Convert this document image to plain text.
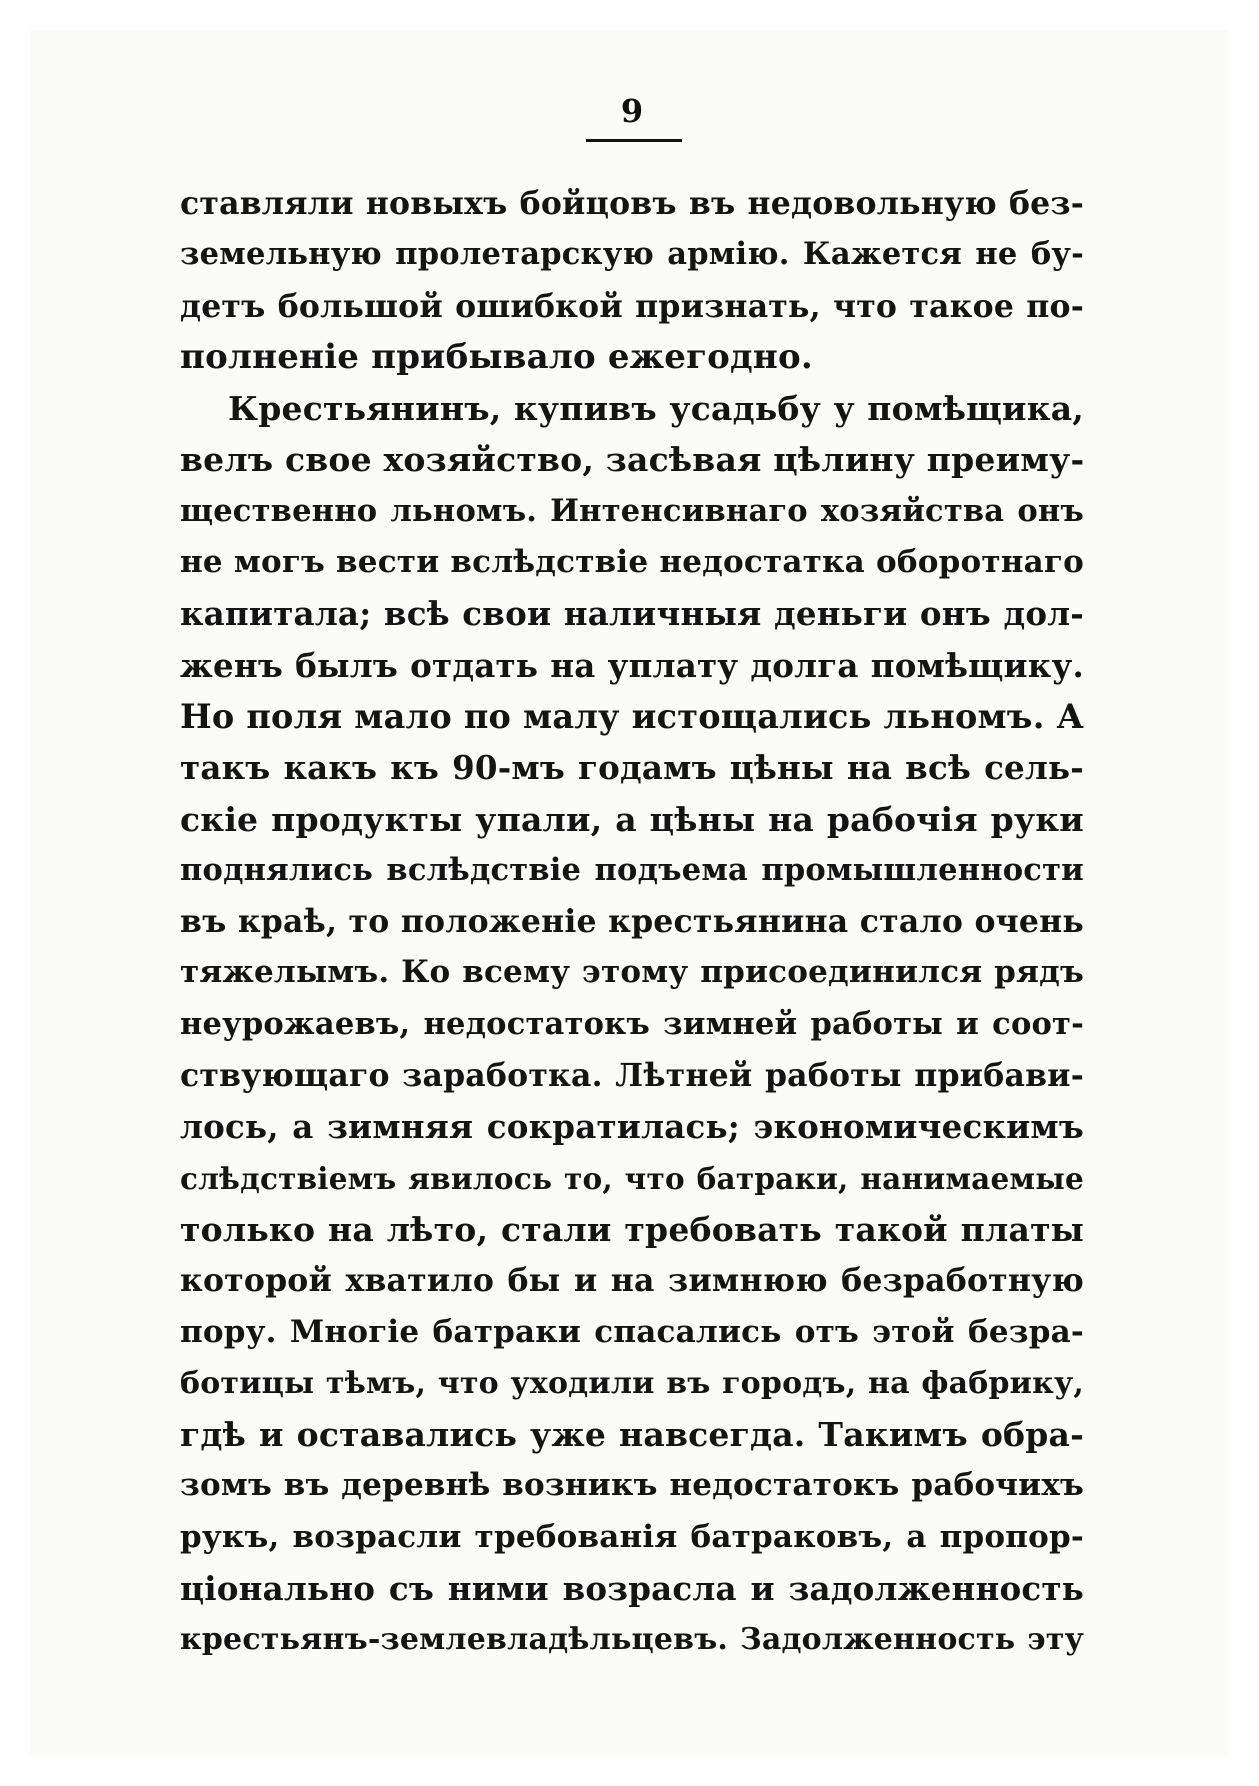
9
ставляли новыхъ бойцовъ въ недовольную без-
земельную пролетарскую армію. Кажется не бу-
детъ большой ошибкой признать, что такое по-
полненіе прибывало ежегодно.
Крестьянинъ, купивъ усадьбу у помѣщика,
велъ свое хозяйство, засѣвая цѣлину преиму-
щественно льномъ. Интенсивнаго хозяйства онъ
не могъ вести вслѣдствіе недостатка оборотнаго
капитала; всѣ свои наличныя деньги онъ дол-
женъ былъ отдать на уплату долга помѣщику.
Но поля мало по малу истощались льномъ. А
такъ какъ къ 90-мъ годамъ цѣны на всѣ сель-
скіе продукты упали, а цѣны на рабочія руки
поднялись вслѣдствіе подъема промышленности
въ краѣ, то положеніе крестьянина стало очень
тяжелымъ. Ко всему этому присоединился рядъ
неурожаевъ, недостатокъ зимней работы и соот-
ствующаго заработка. Лѣтней работы прибави-
лось, а зимняя сократилась; экономическимъ
слѣдствіемъ явилось то, что батраки, нанимаемые
только на лѣто, стали требовать такой платы
которой хватило бы и на зимнюю безработную
пору. Многіе батраки спасались отъ этой безра-
ботицы тѣмъ, что уходили въ городъ, на фабрику,
гдѣ и оставались уже навсегда. Такимъ обра-
зомъ въ деревнѣ возникъ недостатокъ рабочихъ
рукъ, возрасли требованія батраковъ, а пропор-
ціонально съ ними возрасла и задолженность
крестьянъ-землевладѣльцевъ. Задолженность эту
